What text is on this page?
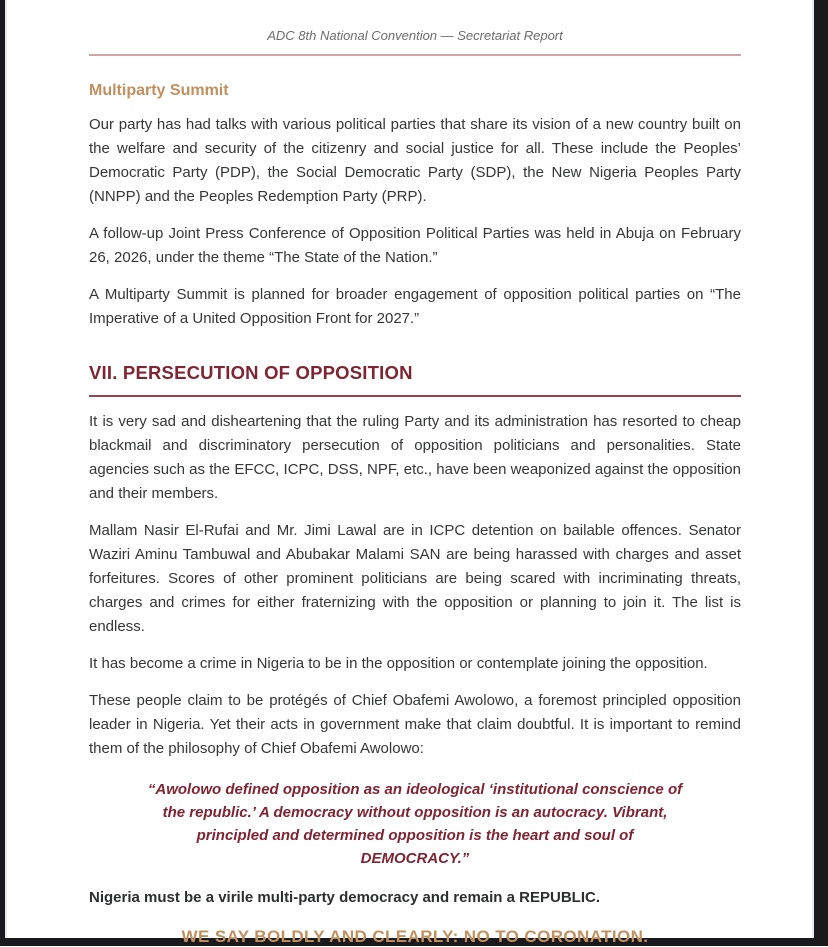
ADC 8th National Convention — Secretariat Report
Multiparty Summit

Our party has had talks with various political parties that share its vision of a new country built on the welfare and security of the citizenry and social justice for all. These include the Peoples’ Democratic Party (PDP), the Social Democratic Party (SDP), the New Nigeria Peoples Party (NNPP) and the Peoples Redemption Party (PRP).

A follow-up Joint Press Conference of Opposition Political Parties was held in Abuja on February 26, 2026, under the theme “The State of the Nation.”

A Multiparty Summit is planned for broader engagement of opposition political parties on “The Imperative of a United Opposition Front for 2027.”

VII. PERSECUTION OF OPPOSITION

It is very sad and disheartening that the ruling Party and its administration has resorted to cheap blackmail and discriminatory persecution of opposition politicians and personalities. State agencies such as the EFCC, ICPC, DSS, NPF, etc., have been weaponized against the opposition and their members.

Mallam Nasir El-Rufai and Mr. Jimi Lawal are in ICPC detention on bailable offences. Senator Waziri Aminu Tambuwal and Abubakar Malami SAN are being harassed with charges and asset forfeitures. Scores of other prominent politicians are being scared with incriminating threats, charges and crimes for either fraternizing with the opposition or planning to join it. The list is endless.

It has become a crime in Nigeria to be in the opposition or contemplate joining the opposition.

These people claim to be protégés of Chief Obafemi Awolowo, a foremost principled opposition leader in Nigeria. Yet their acts in government make that claim doubtful. It is important to remind them of the philosophy of Chief Obafemi Awolowo:

“Awolowo defined opposition as an ideological ‘institutional conscience of the republic.’ A democracy without opposition is an autocracy. Vibrant, principled and determined opposition is the heart and soul of DEMOCRACY.”

Nigeria must be a virile multi-party democracy and remain a REPUBLIC.

WE SAY BOLDLY AND CLEARLY: NO TO CORONATION.
